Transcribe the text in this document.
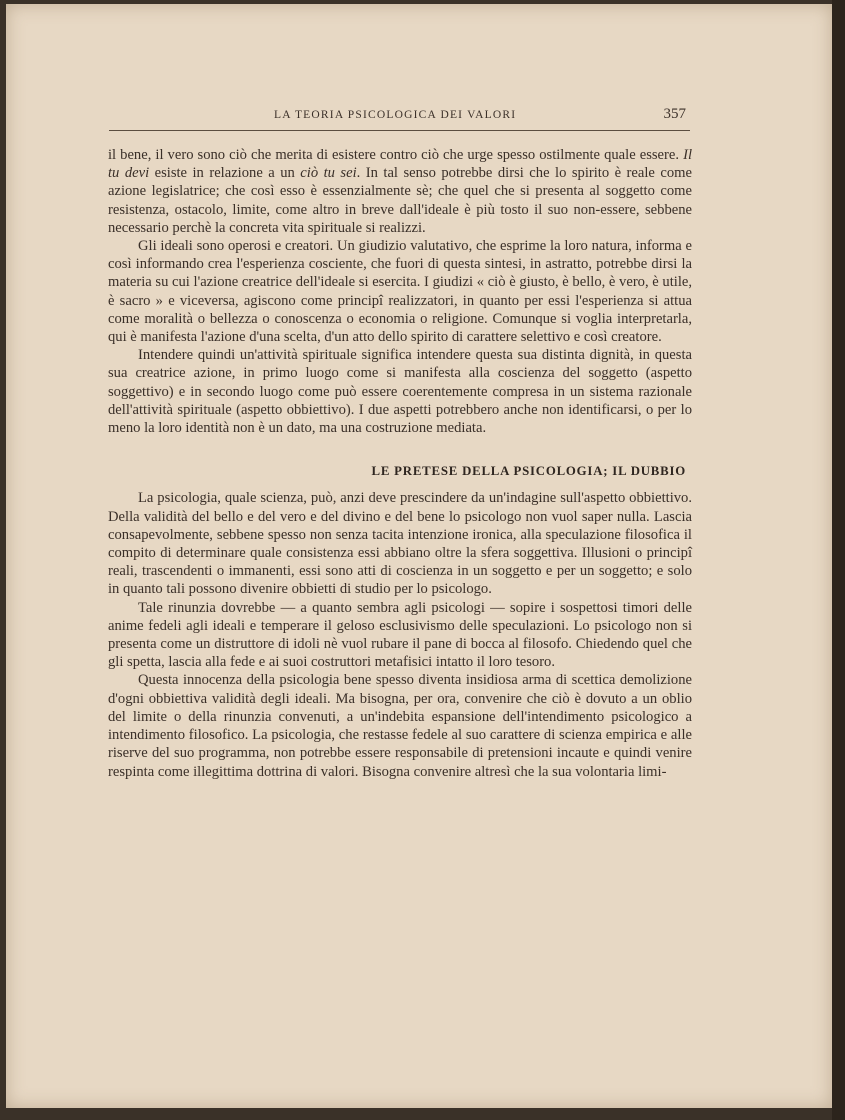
LA TEORIA PSICOLOGICA DEI VALORI	357

il bene, il vero sono ciò che merita di esistere contro ciò che urge spesso ostilmente quale essere. Il tu devi esiste in relazione a un ciò tu sei. In tal senso potrebbe dirsi che lo spirito è reale come azione legislatrice; che così esso è essenzialmente sè; che quel che si presenta al soggetto come resistenza, ostacolo, limite, come altro in breve dall'ideale è più tosto il suo non-essere, sebbene necessario perchè la concreta vita spirituale si realizzi.

Gli ideali sono operosi e creatori. Un giudizio valutativo, che esprime la loro natura, informa e così informando crea l'esperienza cosciente, che fuori di questa sintesi, in astratto, potrebbe dirsi la materia su cui l'azione creatrice dell'ideale si esercita. I giudizi « ciò è giusto, è bello, è vero, è utile, è sacro » e viceversa, agiscono come principî realizzatori, in quanto per essi l'esperienza si attua come moralità o bellezza o conoscenza o economia o religione. Comunque si voglia interpretarla, qui è manifesta l'azione d'una scelta, d'un atto dello spirito di carattere selettivo e così creatore.

Intendere quindi un'attività spirituale significa intendere questa sua distinta dignità, in questa sua creatrice azione, in primo luogo come si manifesta alla coscienza del soggetto (aspetto soggettivo) e in secondo luogo come può essere coerentemente compresa in un sistema razionale dell'attività spirituale (aspetto obbiettivo). I due aspetti potrebbero anche non identificarsi, o per lo meno la loro identità non è un dato, ma una costruzione mediata.

LE PRETESE DELLA PSICOLOGIA; IL DUBBIO

La psicologia, quale scienza, può, anzi deve prescindere da un'indagine sull'aspetto obbiettivo. Della validità del bello e del vero e del divino e del bene lo psicologo non vuol saper nulla. Lascia consapevolmente, sebbene spesso non senza tacita intenzione ironica, alla speculazione filosofica il compito di determinare quale consistenza essi abbiano oltre la sfera soggettiva. Illusioni o principî reali, trascendenti o immanenti, essi sono atti di coscienza in un soggetto e per un soggetto; e solo in quanto tali possono divenire obbietti di studio per lo psicologo.

Tale rinunzia dovrebbe — a quanto sembra agli psicologi — sopire i sospettosi timori delle anime fedeli agli ideali e temperare il geloso esclusivismo delle speculazioni. Lo psicologo non si presenta come un distruttore di idoli nè vuol rubare il pane di bocca al filosofo. Chiedendo quel che gli spetta, lascia alla fede e ai suoi costruttori metafisici intatto il loro tesoro.

Questa innocenza della psicologia bene spesso diventa insidiosa arma di scettica demolizione d'ogni obbiettiva validità degli ideali. Ma bisogna, per ora, convenire che ciò è dovuto a un oblio del limite o della rinunzia convenuti, a un'indebita espansione dell'intendimento psicologico a intendimento filosofico. La psicologia, che restasse fedele al suo carattere di scienza empirica e alle riserve del suo programma, non potrebbe essere responsabile di pretensioni incaute e quindi venire respinta come illegittima dottrina di valori. Bisogna convenire altresì che la sua volontaria limi-
